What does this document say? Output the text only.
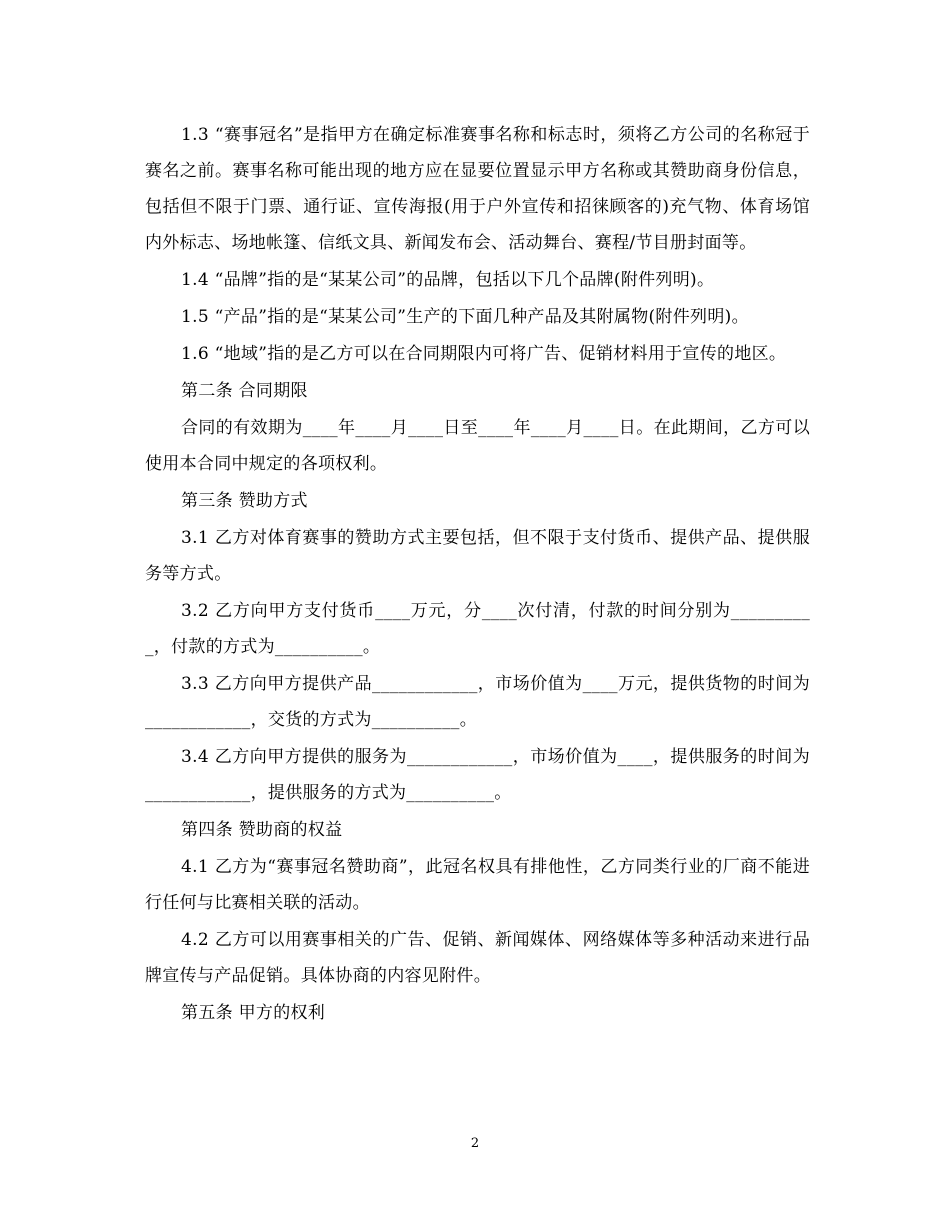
1.3 “赛事冠名”是指甲方在确定标准赛事名称和标志时，须将乙方公司的名称冠于赛名之前。赛事名称可能出现的地方应在显要位置显示甲方名称或其赞助商身份信息，包括但不限于门票、通行证、宣传海报(用于户外宣传和招徕顾客的)充气物、体育场馆内外标志、场地帐篷、信纸文具、新闻发布会、活动舞台、赛程/节目册封面等。

1.4 “品牌”指的是“某某公司”的品牌，包括以下几个品牌(附件列明)。

1.5 “产品”指的是“某某公司”生产的下面几种产品及其附属物(附件列明)。

1.6 “地域”指的是乙方可以在合同期限内可将广告、促销材料用于宣传的地区。

第二条 合同期限

合同的有效期为____年____月____日至____年____月____日。在此期间，乙方可以使用本合同中规定的各项权利。

第三条 赞助方式

3.1 乙方对体育赛事的赞助方式主要包括，但不限于支付货币、提供产品、提供服务等方式。

3.2 乙方向甲方支付货币____万元，分____次付清，付款的时间分别为__________，付款的方式为__________。

3.3 乙方向甲方提供产品____________，市场价值为____万元，提供货物的时间为____________，交货的方式为__________。

3.4 乙方向甲方提供的服务为____________，市场价值为____，提供服务的时间为____________，提供服务的方式为__________。

第四条 赞助商的权益

4.1 乙方为“赛事冠名赞助商”，此冠名权具有排他性，乙方同类行业的厂商不能进行任何与比赛相关联的活动。

4.2 乙方可以用赛事相关的广告、促销、新闻媒体、网络媒体等多种活动来进行品牌宣传与产品促销。具体协商的内容见附件。

第五条 甲方的权利

2
